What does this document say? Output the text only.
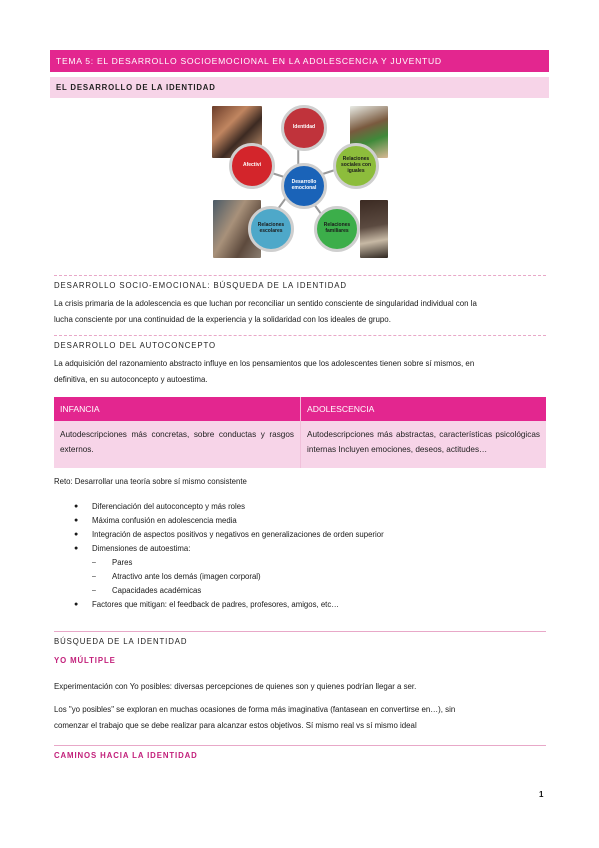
TEMA 5: EL DESARROLLO SOCIOEMOCIONAL EN LA ADOLESCENCIA Y JUVENTUD
EL DESARROLLO DE LA IDENTIDAD
Identidad
Relaciones sociales con iguales
Relaciones familiares
Relaciones escolares
Afectivi
Desarrollo emocional
DESARROLLO SOCIO-EMOCIONAL: BÚSQUEDA DE LA IDENTIDAD
La crisis primaria de la adolescencia es que luchan por reconciliar un sentido consciente de singularidad individual con la
lucha consciente por una continuidad de la experiencia y la solidaridad con los ideales de grupo.
DESARROLLO DEL AUTOCONCEPTO
La adquisición del razonamiento abstracto influye en los pensamientos que los adolescentes tienen sobre sí mismos, en
definitiva, en su autoconcepto y autoestima.
INFANCIA	ADOLESCENCIA
Autodescripciones más concretas, sobre conductas y rasgos externos.
Autodescripciones más abstractas, características psicológicas internas Incluyen emociones, deseos, actitudes…
Reto: Desarrollar una teoría sobre sí mismo consistente
● Diferenciación del autoconcepto y más roles
● Máxima confusión en adolescencia media
● Integración de aspectos positivos y negativos en generalizaciones de orden superior
● Dimensiones de autoestima:
– Pares
– Atractivo ante los demás (imagen corporal)
– Capacidades académicas
● Factores que mitigan: el feedback de padres, profesores, amigos, etc…
BÚSQUEDA DE LA IDENTIDAD
YO MÚLTIPLE
Experimentación con Yo posibles: diversas percepciones de quienes son y quienes podrían llegar a ser.
Los "yo posibles" se exploran en muchas ocasiones de forma más imaginativa (fantasean en convertirse en…), sin
comenzar el trabajo que se debe realizar para alcanzar estos objetivos. Sí mismo real vs sí mismo ideal
CAMINOS HACIA LA IDENTIDAD
1
